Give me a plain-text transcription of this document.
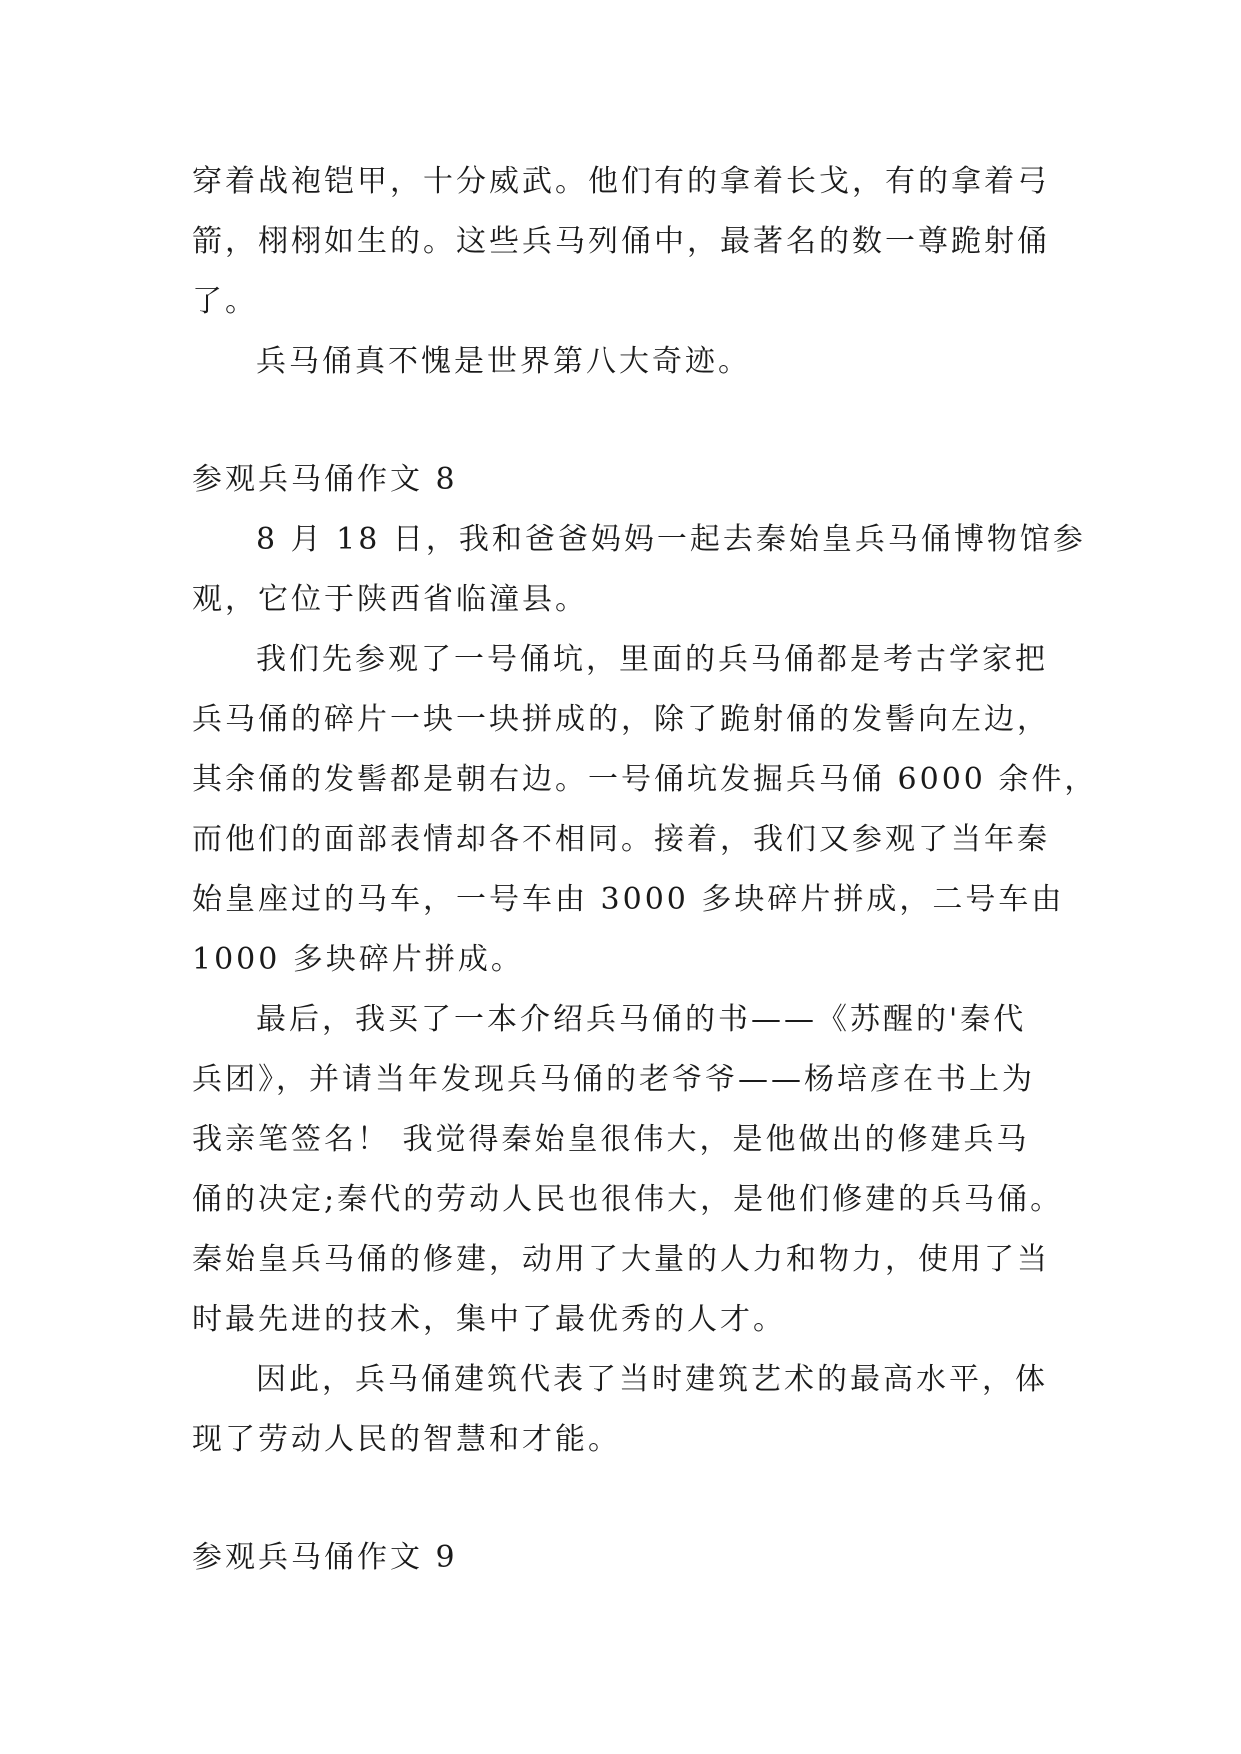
穿着战袍铠甲，十分威武。他们有的拿着长戈，有的拿着弓
箭，栩栩如生的。这些兵马列俑中，最著名的数一尊跪射俑
了。
兵马俑真不愧是世界第八大奇迹。
参观兵马俑作文 8
8 月 18 日，我和爸爸妈妈一起去秦始皇兵马俑博物馆参
观，它位于陕西省临潼县。
我们先参观了一号俑坑，里面的兵马俑都是考古学家把
兵马俑的碎片一块一块拼成的，除了跪射俑的发髻向左边，
其余俑的发髻都是朝右边。一号俑坑发掘兵马俑 6000 余件，
而他们的面部表情却各不相同。接着，我们又参观了当年秦
始皇座过的马车，一号车由 3000 多块碎片拼成，二号车由
1000 多块碎片拼成。
最后，我买了一本介绍兵马俑的书——《苏醒的'秦代
兵团》，并请当年发现兵马俑的老爷爷——杨培彦在书上为
我亲笔签名！ 我觉得秦始皇很伟大，是他做出的修建兵马
俑的决定;秦代的劳动人民也很伟大，是他们修建的兵马俑。
秦始皇兵马俑的修建，动用了大量的人力和物力，使用了当
时最先进的技术，集中了最优秀的人才。
因此，兵马俑建筑代表了当时建筑艺术的最高水平，体
现了劳动人民的智慧和才能。
参观兵马俑作文 9
